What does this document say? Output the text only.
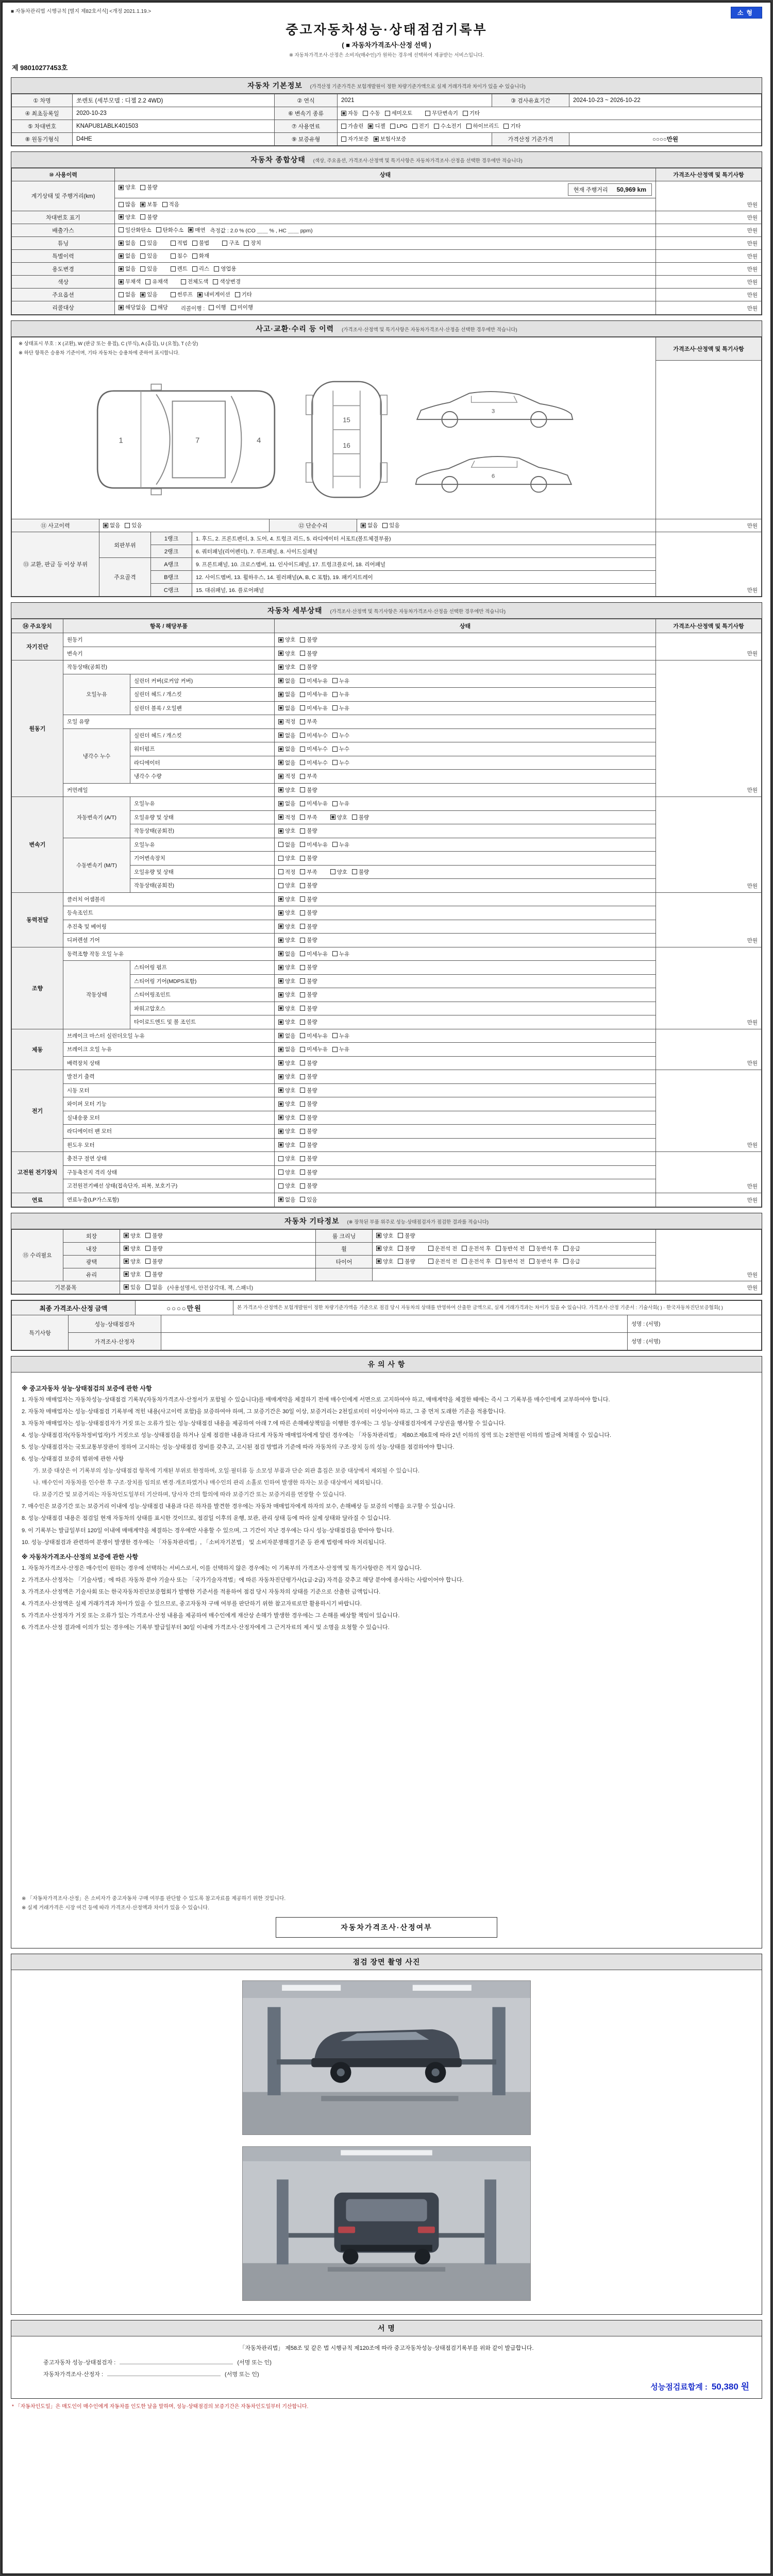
■ 자동차관리법 시행규칙 [별지 제82호서식] <개정 2021.1.19.>	소형
중고자동차성능·상태점검기록부
( ■ 자동차가격조사·산정 선택 )
※ 자동차가격조사·산정은 소비자(매수인)가 원하는 경우에 선택하여 제공받는 서비스입니다.
제 98010277453호
자동차 기본정보 (가격산정 기준가격은 보험개발원이 정한 차량기준가액으로 실제 거래가격과 차이가 있을 수 있습니다)
① 차명	쏘렌토 (세부모델 : 디젤 2.2 4WD)	② 연식	2021	③ 검사유효기간	2024-10-23 ~ 2026-10-22
④ 최초등록일	2020-10-23	⑥ 변속기 종류	자동 수동 세미오토 무단변속기 기타		

⑤ 차대번호	KNAPU81ABLK401503	⑦ 사용연료	가솔린 디젤 LPG 전기 수소전기 하이브리드 기타

⑧ 원동기형식	D4HE	⑨ 보증유형	자가보증 보험사보증	가격산정 기준가격	○○○○만원
자동차 종합상태 (색상, 주요옵션, 가격조사·산정액 및 특기사항은 자동차가격조사·산정을 선택한 경우에만 적습니다)
⑩ 사용이력	상태	가격조사·산정액 및 특기사항
계기상태 및 주행거리(km)	현재 주행거리 50,969 km
양호 불량	만원

	많음 보통 적음	

차대번호 표기	양호 불량	만원
배출가스	일산화탄소 탄화수소 매연 측정값 : 2.0 % (CO ＿＿ % , HC ＿＿ ppm)	만원
튜닝	없음 있음	적법 불법	구조 장치	만원
특별이력	없음 있음 침수 화재	만원
용도변경	없음 있음 렌트 리스 영업용	만원
색상	무채색 유채색 전체도색 색상변경	만원
주요옵션	없음 있음 썬루프 내비게이션 기타	만원
리콜대상	해당없음 해당 리콜이행 : 이행 미이행	만원
사고·교환·수리 등 이력 (가격조사·산정액 및 특기사항은 자동차가격조사·산정을 선택한 경우에만 적습니다)
※ 상태표시 부호 : X (교환), W (판금 또는 용접), C (부식), A (흠집), U (요철), T (손상)
※ 하단 항목은 승용차 기준이며, 기타 자동차는 승용차에 준하여 표시합니다.				가격조사·산정액 및 특기사항

1	7	4
15
16
3
6

⑪ 사고이력	없음 있음	⑫ 단순수리	없음 있음	만원
⑬ 교환, 판금 등 이상 부위	외판부위	1랭크	1. 후드, 2. 프론트펜더, 3. 도어, 4. 트렁크 리드, 5. 라디에이터 서포트(볼트체결부품)	만원
		2랭크	6. 쿼터패널(리어펜더), 7. 루프패널, 8. 사이드실패널	
	주요골격	A랭크	9. 프론트패널, 10. 크로스멤버, 11. 인사이드패널, 17. 트렁크플로어, 18. 리어패널	
		B랭크	12. 사이드멤버, 13. 휠하우스, 14. 필러패널(A, B, C 포함), 19. 패키지트레이	
		C랭크	15. 대쉬패널, 16. 플로어패널	
자동차 세부상태 (가격조사·산정액 및 특기사항은 자동차가격조사·산정을 선택한 경우에만 적습니다)
⑭ 주요장치	항목 / 해당부품		상태	가격조사·산정액 및 특기사항
자기진단	원동기		양호 불량	만원
	변속기		양호 불량	

원동기	작동상태(공회전)		양호 불량	만원
	오일누유	실린더 커버(로커암 커버)	없음 미세누유 누유	

		실린더 헤드 / 개스킷	없음 미세누유 누유	

		실린더 블록 / 오일팬	없음 미세누유 누유	

	오일 유량		적정 부족	

	냉각수 누수	실린더 헤드 / 개스킷	없음 미세누수 누수	

		워터펌프	없음 미세누수 누수	

		라디에이터	없음 미세누수 누수	

		냉각수 수량	적정 부족	

	커먼레일		양호 불량	

변속기	자동변속기 (A/T)	오일누유	없음 미세누유 누유	만원
		오일유량 및 상태	적정 부족 양호 불량	

		작동상태(공회전)	양호 불량	

	수동변속기 (M/T)	오일누유	없음 미세누유 누유	

		기어변속장치	양호 불량	

		오일유량 및 상태	적정 부족 양호 불량	

		작동상태(공회전)	양호 불량	

동력전달	클러치 어셈블리		양호 불량	만원
	등속조인트		양호 불량	

	추진축 및 베어링		양호 불량	

	디퍼렌셜 기어		양호 불량	

조향	동력조향 작동 오일 누유		없음 미세누유 누유	만원
	작동상태	스티어링 펌프	양호 불량	

		스티어링 기어(MDPS포함)	양호 불량	

		스티어링조인트	양호 불량	

		파워고압호스	양호 불량	

		타이로드엔드 및 볼 조인트	양호 불량	

제동	브레이크 마스터 실린더오일 누유		없음 미세누유 누유	만원
	브레이크 오일 누유		없음 미세누유 누유	

	배력장치 상태		양호 불량	

전기	발전기 출력		양호 불량	만원
	시동 모터		양호 불량	

	와이퍼 모터 기능		양호 불량	

	실내송풍 모터		양호 불량	

	라디에이터 팬 모터		양호 불량	

	윈도우 모터		양호 불량	

고전원 전기장치	충전구 절연 상태		양호 불량	만원
	구동축전지 격리 상태		양호 불량	

	고전원전기배선 상태(접속단자, 피복, 보호기구)		양호 불량	

연료	연료누출(LP가스포함)		없음 있음	만원
자동차 기타정보 (※ 장착된 부품 위주로 성능·상태점검자가 점검한 결과를 적습니다)
⑮ 수리필요	외장	양호 불량	룸 크리닝	양호 불량	만원
내장	양호 불량	휠	양호 불량	운전석 전 운전석 후 동반석 전 동반석 후 응급

광택	양호 불량	타이어	양호 불량	운전석 전 운전석 후 동반석 전 동반석 후 응급

	유리	양호 불량			

기본품목		있음 없음 (사용설명서, 안전삼각대, 잭, 스패너)			만원
최종 가격조사·산정 금액	○○○○만원	본 가격조사·산정액은 보험개발원이 정한 차량기준가액을 기준으로 점검 당시 자동차의 상태를 반영하여 산출한 금액으로, 실제 거래가격과는 차이가 있을 수 있습니다. 가격조사·산정 기준서 : 기술사회( ) · 한국자동차진단보증협회( )
특기사항	성능·상태점검자		성명 : (서명)
	가격조사·산정자		성명 : (서명)
유 의 사 항
※ 중고자동차 성능·상태점검의 보증에 관한 사항
1. 자동차 매매업자는 자동차성능·상태점검 기록부(자동차가격조사·산정서가 포함될 수 있습니다)를 매매계약을 체결하기 전에 매수인에게 서면으로 고지하여야 하고, 매매계약을 체결한 때에는 즉시 그 기록부를 매수인에게 교부하여야 합니다.
2. 자동차 매매업자는 성능·상태점검 기록부에 적힌 내용(사고이력 포함)을 보증하여야 하며, 그 보증기간은 30일 이상, 보증거리는 2천킬로미터 이상이어야 하고, 그 중 먼저 도래한 기준을 적용합니다.
3. 자동차 매매업자는 성능·상태점검자가 거짓 또는 오류가 있는 성능·상태점검 내용을 제공하여 아래 7.에 따른 손해배상책임을 이행한 경우에는 그 성능·상태점검자에게 구상권을 행사할 수 있습니다.
4. 성능·상태점검자(자동차정비업자)가 거짓으로 성능·상태점검을 하거나 실제 점검한 내용과 다르게 자동차 매매업자에게 알린 경우에는 「자동차관리법」 제80조제6호에 따라 2년 이하의 징역 또는 2천만원 이하의 벌금에 처해질 수 있습니다.
5. 성능·상태점검자는 국토교통부장관이 정하여 고시하는 성능·상태점검 장비를 갖추고, 고시된 점검 방법과 기준에 따라 자동차의 구조·장치 등의 성능·상태를 점검하여야 합니다.
6. 성능·상태점검 보증의 범위에 관한 사항
가. 보증 대상은 이 기록부의 성능·상태점검 항목에 기재된 부위로 한정하며, 오일·필터류 등 소모성 부품과 단순 외관 흠집은 보증 대상에서 제외될 수 있습니다.
나. 매수인이 자동차를 인수한 후 구조·장치를 임의로 변경·개조하였거나 매수인의 관리 소홀로 인하여 발생한 하자는 보증 대상에서 제외됩니다.
다. 보증기간 및 보증거리는 자동차인도일부터 기산하며, 당사자 간의 합의에 따라 보증기간 또는 보증거리를 연장할 수 있습니다.
7. 매수인은 보증기간 또는 보증거리 이내에 성능·상태점검 내용과 다른 하자를 발견한 경우에는 자동차 매매업자에게 하자의 보수, 손해배상 등 보증의 이행을 요구할 수 있습니다.
8. 성능·상태점검 내용은 점검일 현재 자동차의 상태를 표시한 것이므로, 점검일 이후의 운행, 보관, 관리 상태 등에 따라 실제 상태와 달라질 수 있습니다.
9. 이 기록부는 발급일부터 120일 이내에 매매계약을 체결하는 경우에만 사용할 수 있으며, 그 기간이 지난 경우에는 다시 성능·상태점검을 받아야 합니다.
10. 성능·상태점검과 관련하여 분쟁이 발생한 경우에는 「자동차관리법」, 「소비자기본법」 및 소비자분쟁해결기준 등 관계 법령에 따라 처리됩니다.
※ 자동차가격조사·산정의 보증에 관한 사항
1. 자동차가격조사·산정은 매수인이 원하는 경우에 선택하는 서비스로서, 이를 선택하지 않은 경우에는 이 기록부의 가격조사·산정액 및 특기사항란은 적지 않습니다.
2. 가격조사·산정자는 「기술사법」에 따른 자동차 분야 기술사 또는 「국가기술자격법」에 따른 자동차진단평가사(1급·2급) 자격을 갖추고 해당 분야에 종사하는 사람이어야 합니다.
3. 가격조사·산정액은 기술사회 또는 한국자동차진단보증협회가 발행한 기준서를 적용하여 점검 당시 자동차의 상태를 기준으로 산출한 금액입니다.
4. 가격조사·산정액은 실제 거래가격과 차이가 있을 수 있으므로, 중고자동차 구매 여부를 판단하기 위한 참고자료로만 활용하시기 바랍니다.
5. 가격조사·산정자가 거짓 또는 오류가 있는 가격조사·산정 내용을 제공하여 매수인에게 재산상 손해가 발생한 경우에는 그 손해를 배상할 책임이 있습니다.
6. 가격조사·산정 결과에 이의가 있는 경우에는 기록부 발급일부터 30일 이내에 가격조사·산정자에게 그 근거자료의 제시 및 소명을 요청할 수 있습니다.
※ 「자동차가격조사·산정」은 소비자가 중고자동차 구매 여부를 판단할 수 있도록 참고자료를 제공하기 위한 것입니다.
※ 실제 거래가격은 시장 여건 등에 따라 가격조사·산정액과 차이가 있을 수 있습니다.
자동차가격조사·산정여부
점검 장면 촬영 사진
서 명
「자동차관리법」 제58조 및 같은 법 시행규칙 제120조에 따라 중고자동차성능·상태점검기록부를 위와 같이 발급합니다.
중고자동차 성능·상태점검자 :	(서명 또는 인)
자동차가격조사·산정자 :	(서명 또는 인)
성능점검료합계 : 50,380 원
* 「자동차인도일」은 매도인이 매수인에게 자동차를 인도한 날을 말하며, 성능·상태점검의 보증기간은 자동차인도일부터 기산합니다.
